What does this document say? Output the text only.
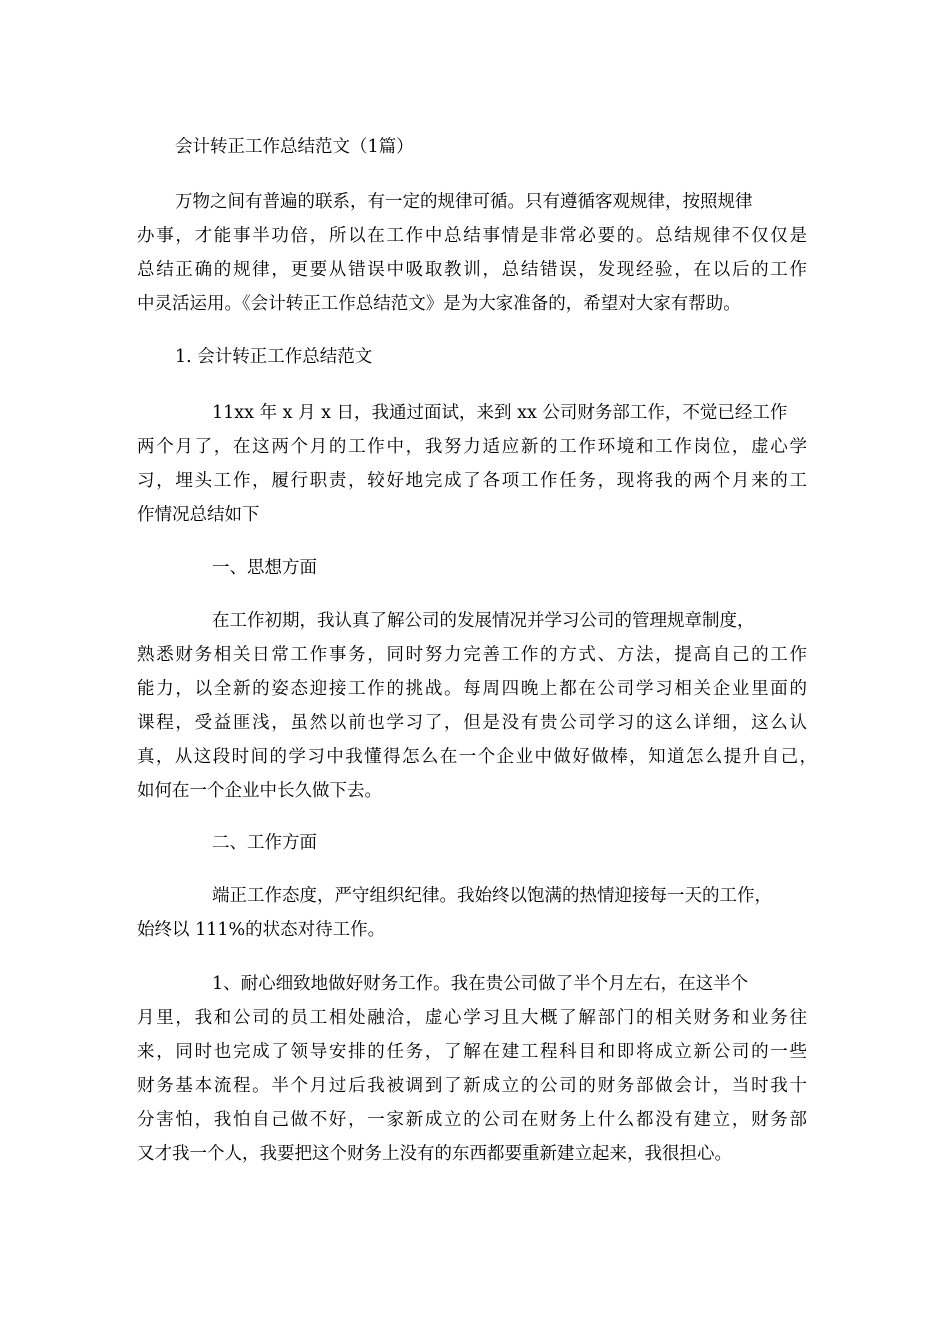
会计转正工作总结范文（1篇）

万物之间有普遍的联系，有一定的规律可循。只有遵循客观规律，按照规律

办事，才能事半功倍，所以在工作中总结事情是非常必要的。总结规律不仅仅是

总结正确的规律，更要从错误中吸取教训，总结错误，发现经验，在以后的工作

中灵活运用。《会计转正工作总结范文》是为大家准备的，希望对大家有帮助。

1. 会计转正工作总结范文

11xx 年 x 月 x 日，我通过面试，来到 xx 公司财务部工作，不觉已经工作

两个月了，在这两个月的工作中，我努力适应新的工作环境和工作岗位，虚心学

习，埋头工作，履行职责，较好地完成了各项工作任务，现将我的两个月来的工

作情况总结如下

一、思想方面

在工作初期，我认真了解公司的发展情况并学习公司的管理规章制度，

熟悉财务相关日常工作事务，同时努力完善工作的方式、方法，提高自己的工作

能力，以全新的姿态迎接工作的挑战。每周四晚上都在公司学习相关企业里面的

课程，受益匪浅，虽然以前也学习了，但是没有贵公司学习的这么详细，这么认

真，从这段时间的学习中我懂得怎么在一个企业中做好做棒，知道怎么提升自己，

如何在一个企业中长久做下去。

二、工作方面

端正工作态度，严守组织纪律。我始终以饱满的热情迎接每一天的工作，

始终以 111%的状态对待工作。

1、耐心细致地做好财务工作。我在贵公司做了半个月左右，在这半个

月里，我和公司的员工相处融洽，虚心学习且大概了解部门的相关财务和业务往

来，同时也完成了领导安排的任务，了解在建工程科目和即将成立新公司的一些

财务基本流程。半个月过后我被调到了新成立的公司的财务部做会计，当时我十

分害怕，我怕自己做不好，一家新成立的公司在财务上什么都没有建立，财务部

又才我一个人，我要把这个财务上没有的东西都要重新建立起来，我很担心。
